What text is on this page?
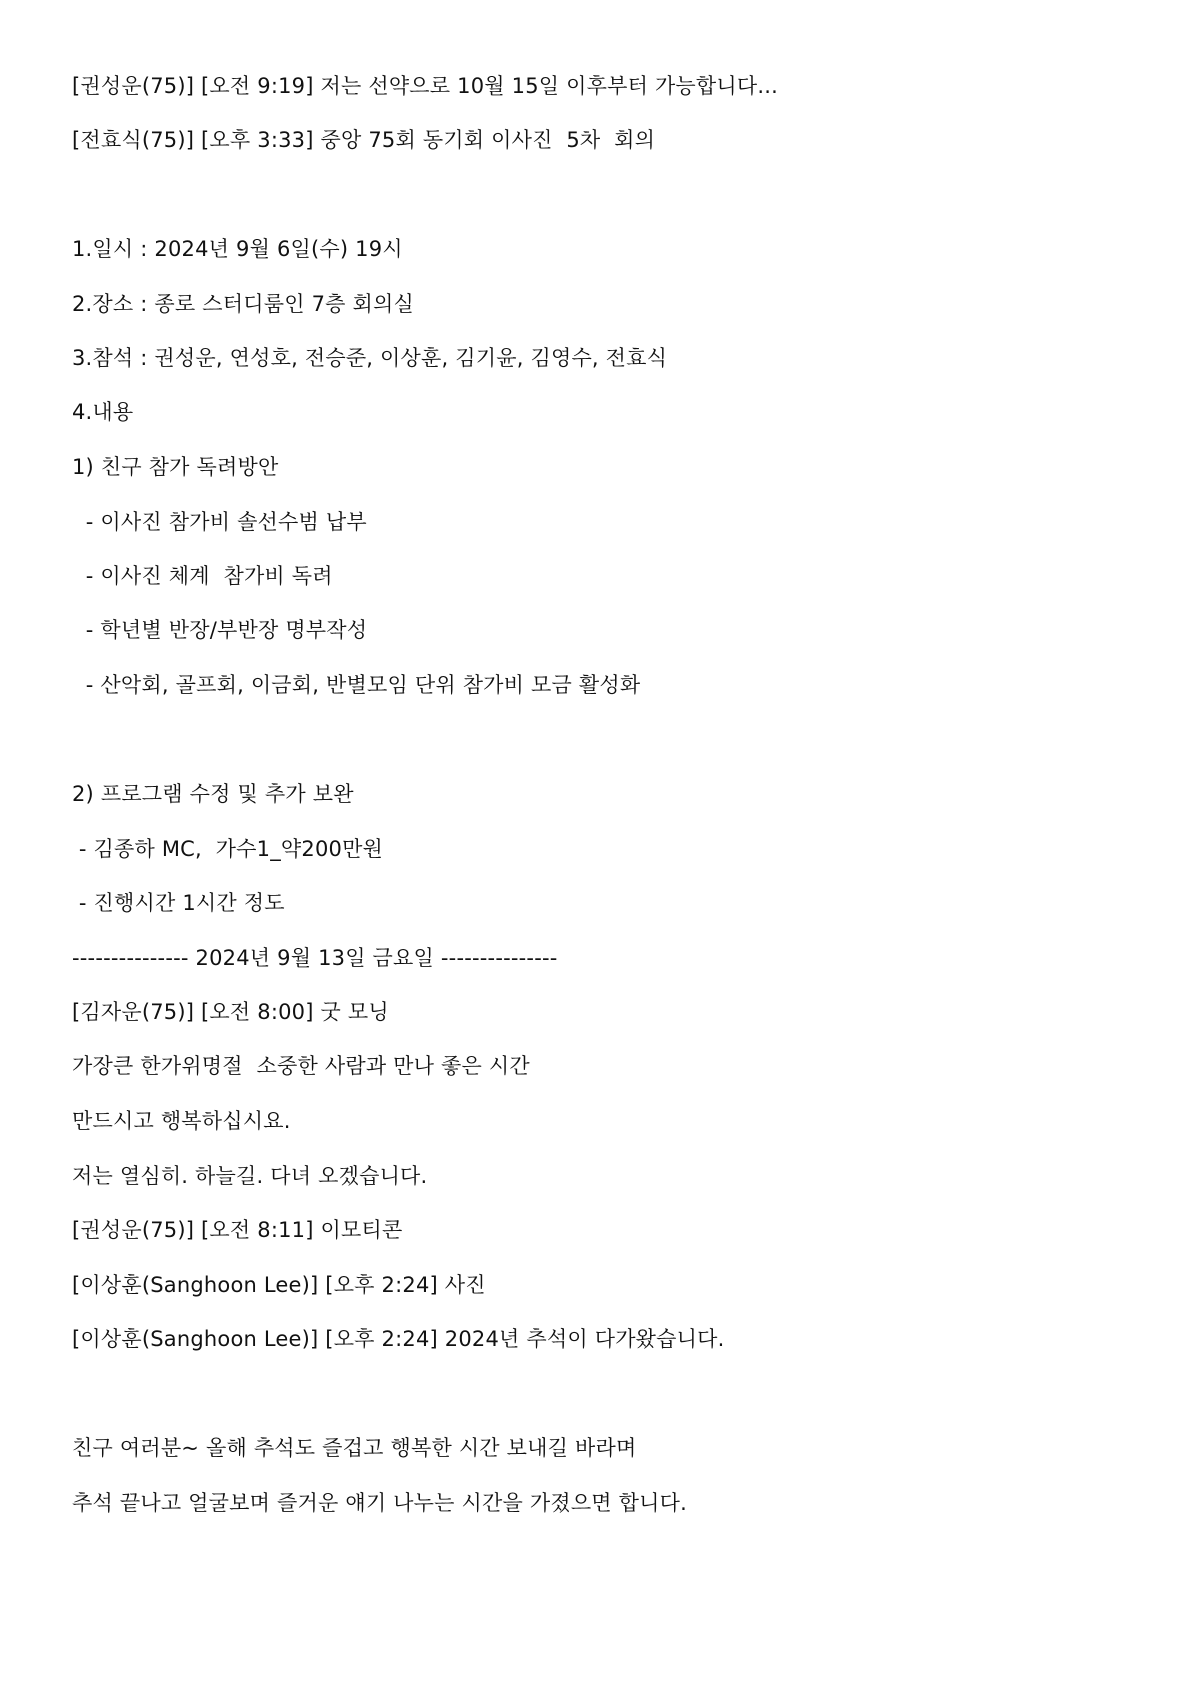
[권성운(75)] [오전 9:19] 저는 선약으로 10월 15일 이후부터 가능합니다...
[전효식(75)] [오후 3:33] 중앙 75회 동기회 이사진  5차  회의
1.일시 : 2024년 9월 6일(수) 19시
2.장소 : 종로 스터디룸인 7층 회의실
3.참석 : 권성운, 연성호, 전승준, 이상훈, 김기윤, 김영수, 전효식
4.내용
1) 친구 참가 독려방안
- 이사진 참가비 솔선수범 납부
- 이사진 체계  참가비 독려
- 학년별 반장/부반장 명부작성
- 산악회, 골프회, 이금회, 반별모임 단위 참가비 모금 활성화
2) 프로그램 수정 및 추가 보완
- 김종하 MC,  가수1_약200만원
- 진행시간 1시간 정도
--------------- 2024년 9월 13일 금요일 ---------------
[김자운(75)] [오전 8:00] 굿 모닝
가장큰 한가위명절  소중한 사람과 만나 좋은 시간
만드시고 행복하십시요.
저는 열심히. 하늘길. 다녀 오겠습니다.
[권성운(75)] [오전 8:11] 이모티콘
[이상훈(Sanghoon Lee)] [오후 2:24] 사진
[이상훈(Sanghoon Lee)] [오후 2:24] 2024년 추석이 다가왔습니다.
친구 여러분~ 올해 추석도 즐겁고 행복한 시간 보내길 바라며
추석 끝나고 얼굴보며 즐거운 얘기 나누는 시간을 가졌으면 합니다.
